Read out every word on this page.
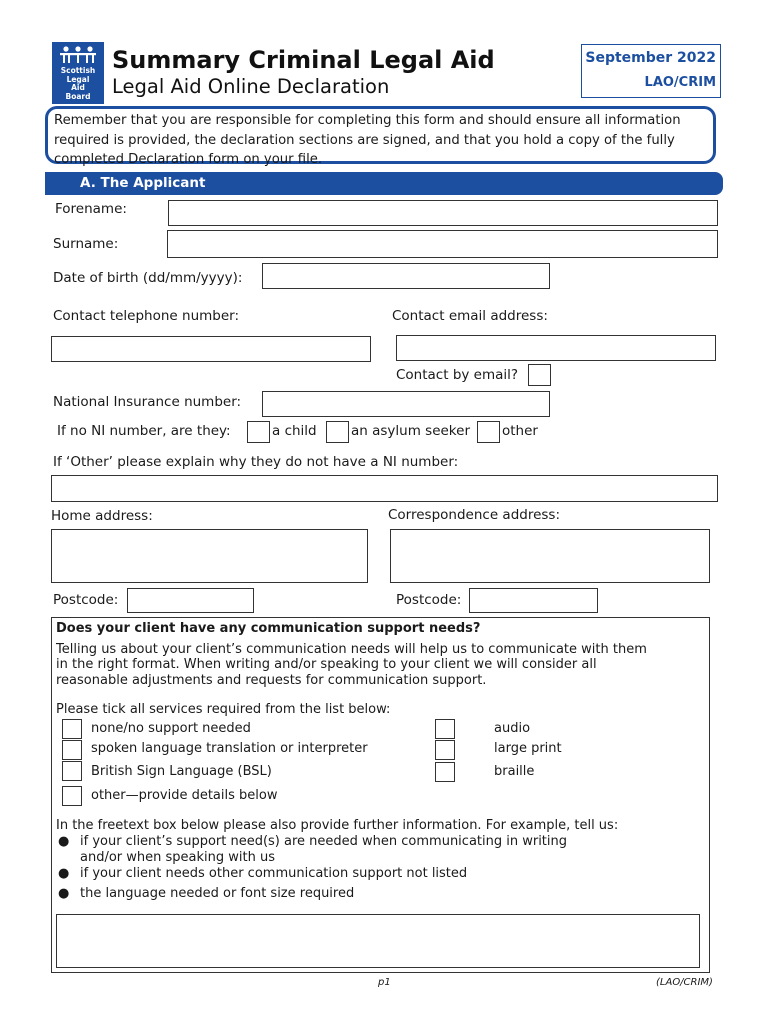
Scottish
Legal
Aid
Board
Summary Criminal Legal Aid
Legal Aid Online Declaration
September 2022
LAO/CRIM
Remember that you are responsible for completing this form and should ensure all information required is provided, the declaration sections are signed, and that you hold a copy of the fully completed Declaration form on your file.
A. The Applicant
Forename:
Surname:
Date of birth (dd/mm/yyyy):
Contact telephone number:	Contact email address:
Contact by email?
National Insurance number:
If no NI number, are they:	a child	an asylum seeker other
If ‘Other’ please explain why they do not have a NI number:
Home address:	Correspondence address:
Postcode:	Postcode:
Does your client have any communication support needs?
Telling us about your client’s communication needs will help us to communicate with them
in the right format. When writing and/or speaking to your client we will consider all
reasonable adjustments and requests for communication support.
Please tick all services required from the list below:
none/no support needed
spoken language translation or interpreter
British Sign Language (BSL)
other—provide details below
audio
large print
braille
In the freetext box below please also provide further information. For example, tell us:
● if your client’s support need(s) are needed when communicating in writing
and/or when speaking with us
● if your client needs other communication support not listed
● the language needed or font size required
p1	(LAO/CRIM)
